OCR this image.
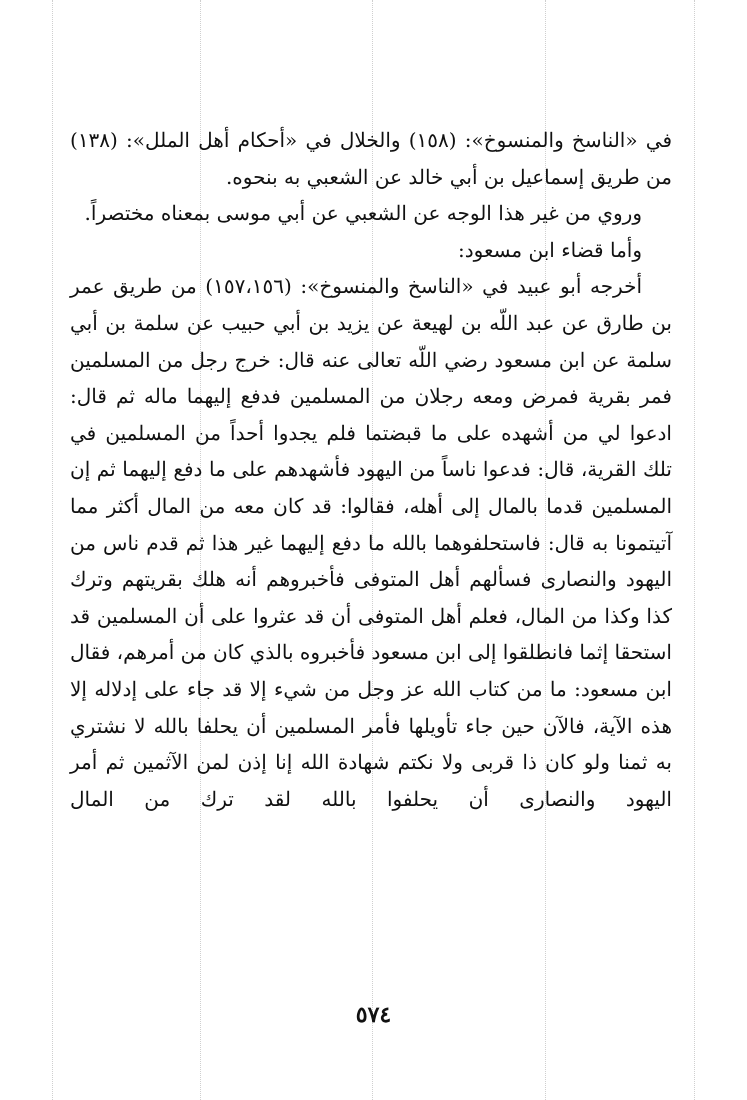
في «الناسخ والمنسوخ»: (١٥٨) والخلال في «أحكام أهل الملل»: (١٣٨) من طريق إسماعيل بن أبي خالد عن الشعبي به بنحوه.

وروي من غير هذا الوجه عن الشعبي عن أبي موسى بمعناه مختصراً.

وأما قضاء ابن مسعود:

أخرجه أبو عبيد في «الناسخ والمنسوخ»: (١٥٧،١٥٦) من طريق عمر بن طارق عن عبد اللّه بن لهيعة عن يزيد بن أبي حبيب عن سلمة بن أبي سلمة عن ابن مسعود رضي اللّه تعالى عنه قال: خرج رجل من المسلمين فمر بقرية فمرض ومعه رجلان من المسلمين فدفع إليهما ماله ثم قال: ادعوا لي من أشهده على ما قبضتما فلم يجدوا أحداً من المسلمين في تلك القرية، قال: فدعوا ناساً من اليهود فأشهدهم على ما دفع إليهما ثم إن المسلمين قدما بالمال إلى أهله، فقالوا: قد كان معه من المال أكثر مما آتيتمونا به قال: فاستحلفوهما بالله ما دفع إليهما غير هذا ثم قدم ناس من اليهود والنصارى فسألهم أهل المتوفى فأخبروهم أنه هلك بقريتهم وترك كذا وكذا من المال، فعلم أهل المتوفى أن قد عثروا على أن المسلمين قد استحقا إثما فانطلقوا إلى ابن مسعود فأخبروه بالذي كان من أمرهم، فقال ابن مسعود: ما من كتاب الله عز وجل من شيء إلا قد جاء على إدلاله إلا هذه الآية، فالآن حين جاء تأويلها فأمر المسلمين أن يحلفا بالله لا نشتري به ثمنا ولو كان ذا قربى ولا نكتم شهادة الله إنا إذن لمن الآثمين ثم أمر اليهود والنصارى أن يحلفوا بالله لقد ترك من المال

٥٧٤
